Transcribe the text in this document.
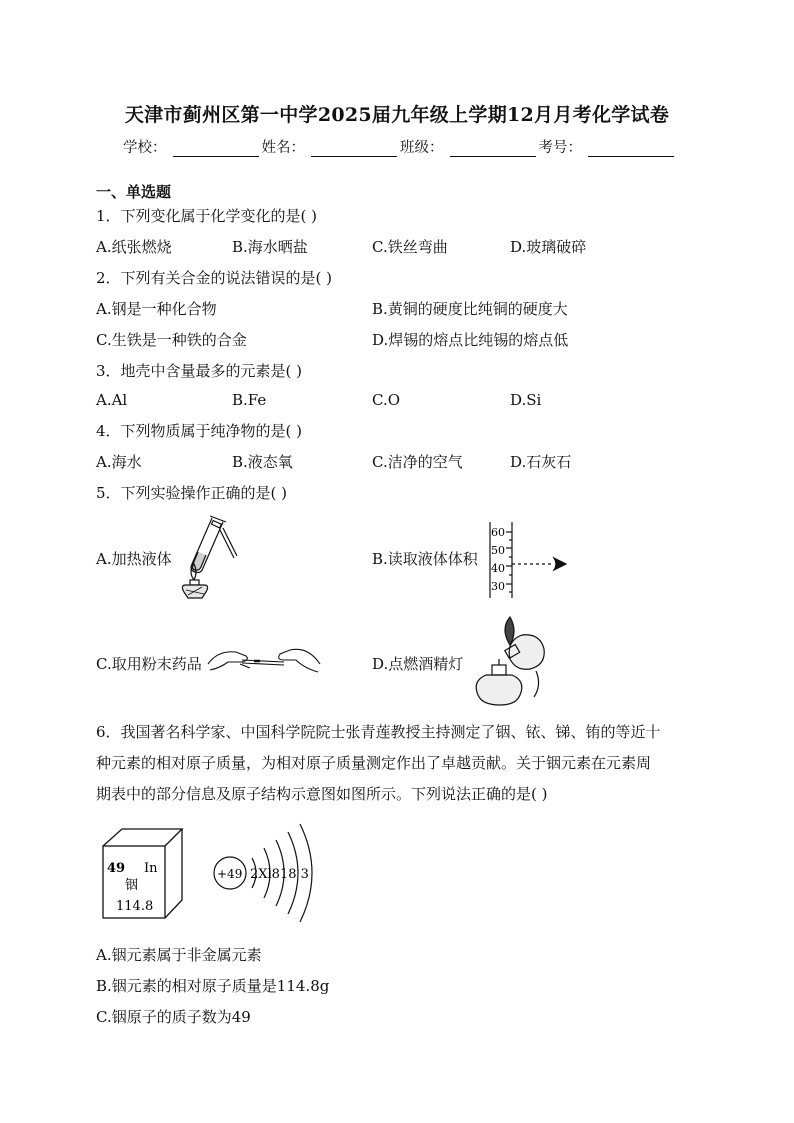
天津市蓟州区第一中学2025届九年级上学期12月月考化学试卷
学校：	姓名：	班级：	考号：
一、单选题
1．下列变化属于化学变化的是( )
A.纸张燃烧	B.海水晒盐	C.铁丝弯曲	D.玻璃破碎
2．下列有关合金的说法错误的是( )
A.钢是一种化合物	B.黄铜的硬度比纯铜的硬度大
C.生铁是一种铁的合金	D.焊锡的熔点比纯锡的熔点低
3．地壳中含量最多的元素是( )
A.Al	B.Fe	C.O	D.Si
4．下列物质属于纯净物的是( )
A.海水	B.液态氧	C.洁净的空气	D.石灰石
5．下列实验操作正确的是( )
A.加热液体	B.读取液体体积
C.取用粉末药品	D.点燃酒精灯
60
50
40
30
6．我国著名科学家、中国科学院院士张青莲教授主持测定了铟、铱、锑、铕的等近十
种元素的相对原子质量，为相对原子质量测定作出了卓越贡献。关于铟元素在元素周
期表中的部分信息及原子结构示意图如图所示。下列说法正确的是( )
49 In
铟
114.8
+49 2Xl818 3
A.铟元素属于非金属元素
B.铟元素的相对原子质量是114.8g
C.铟原子的质子数为49
